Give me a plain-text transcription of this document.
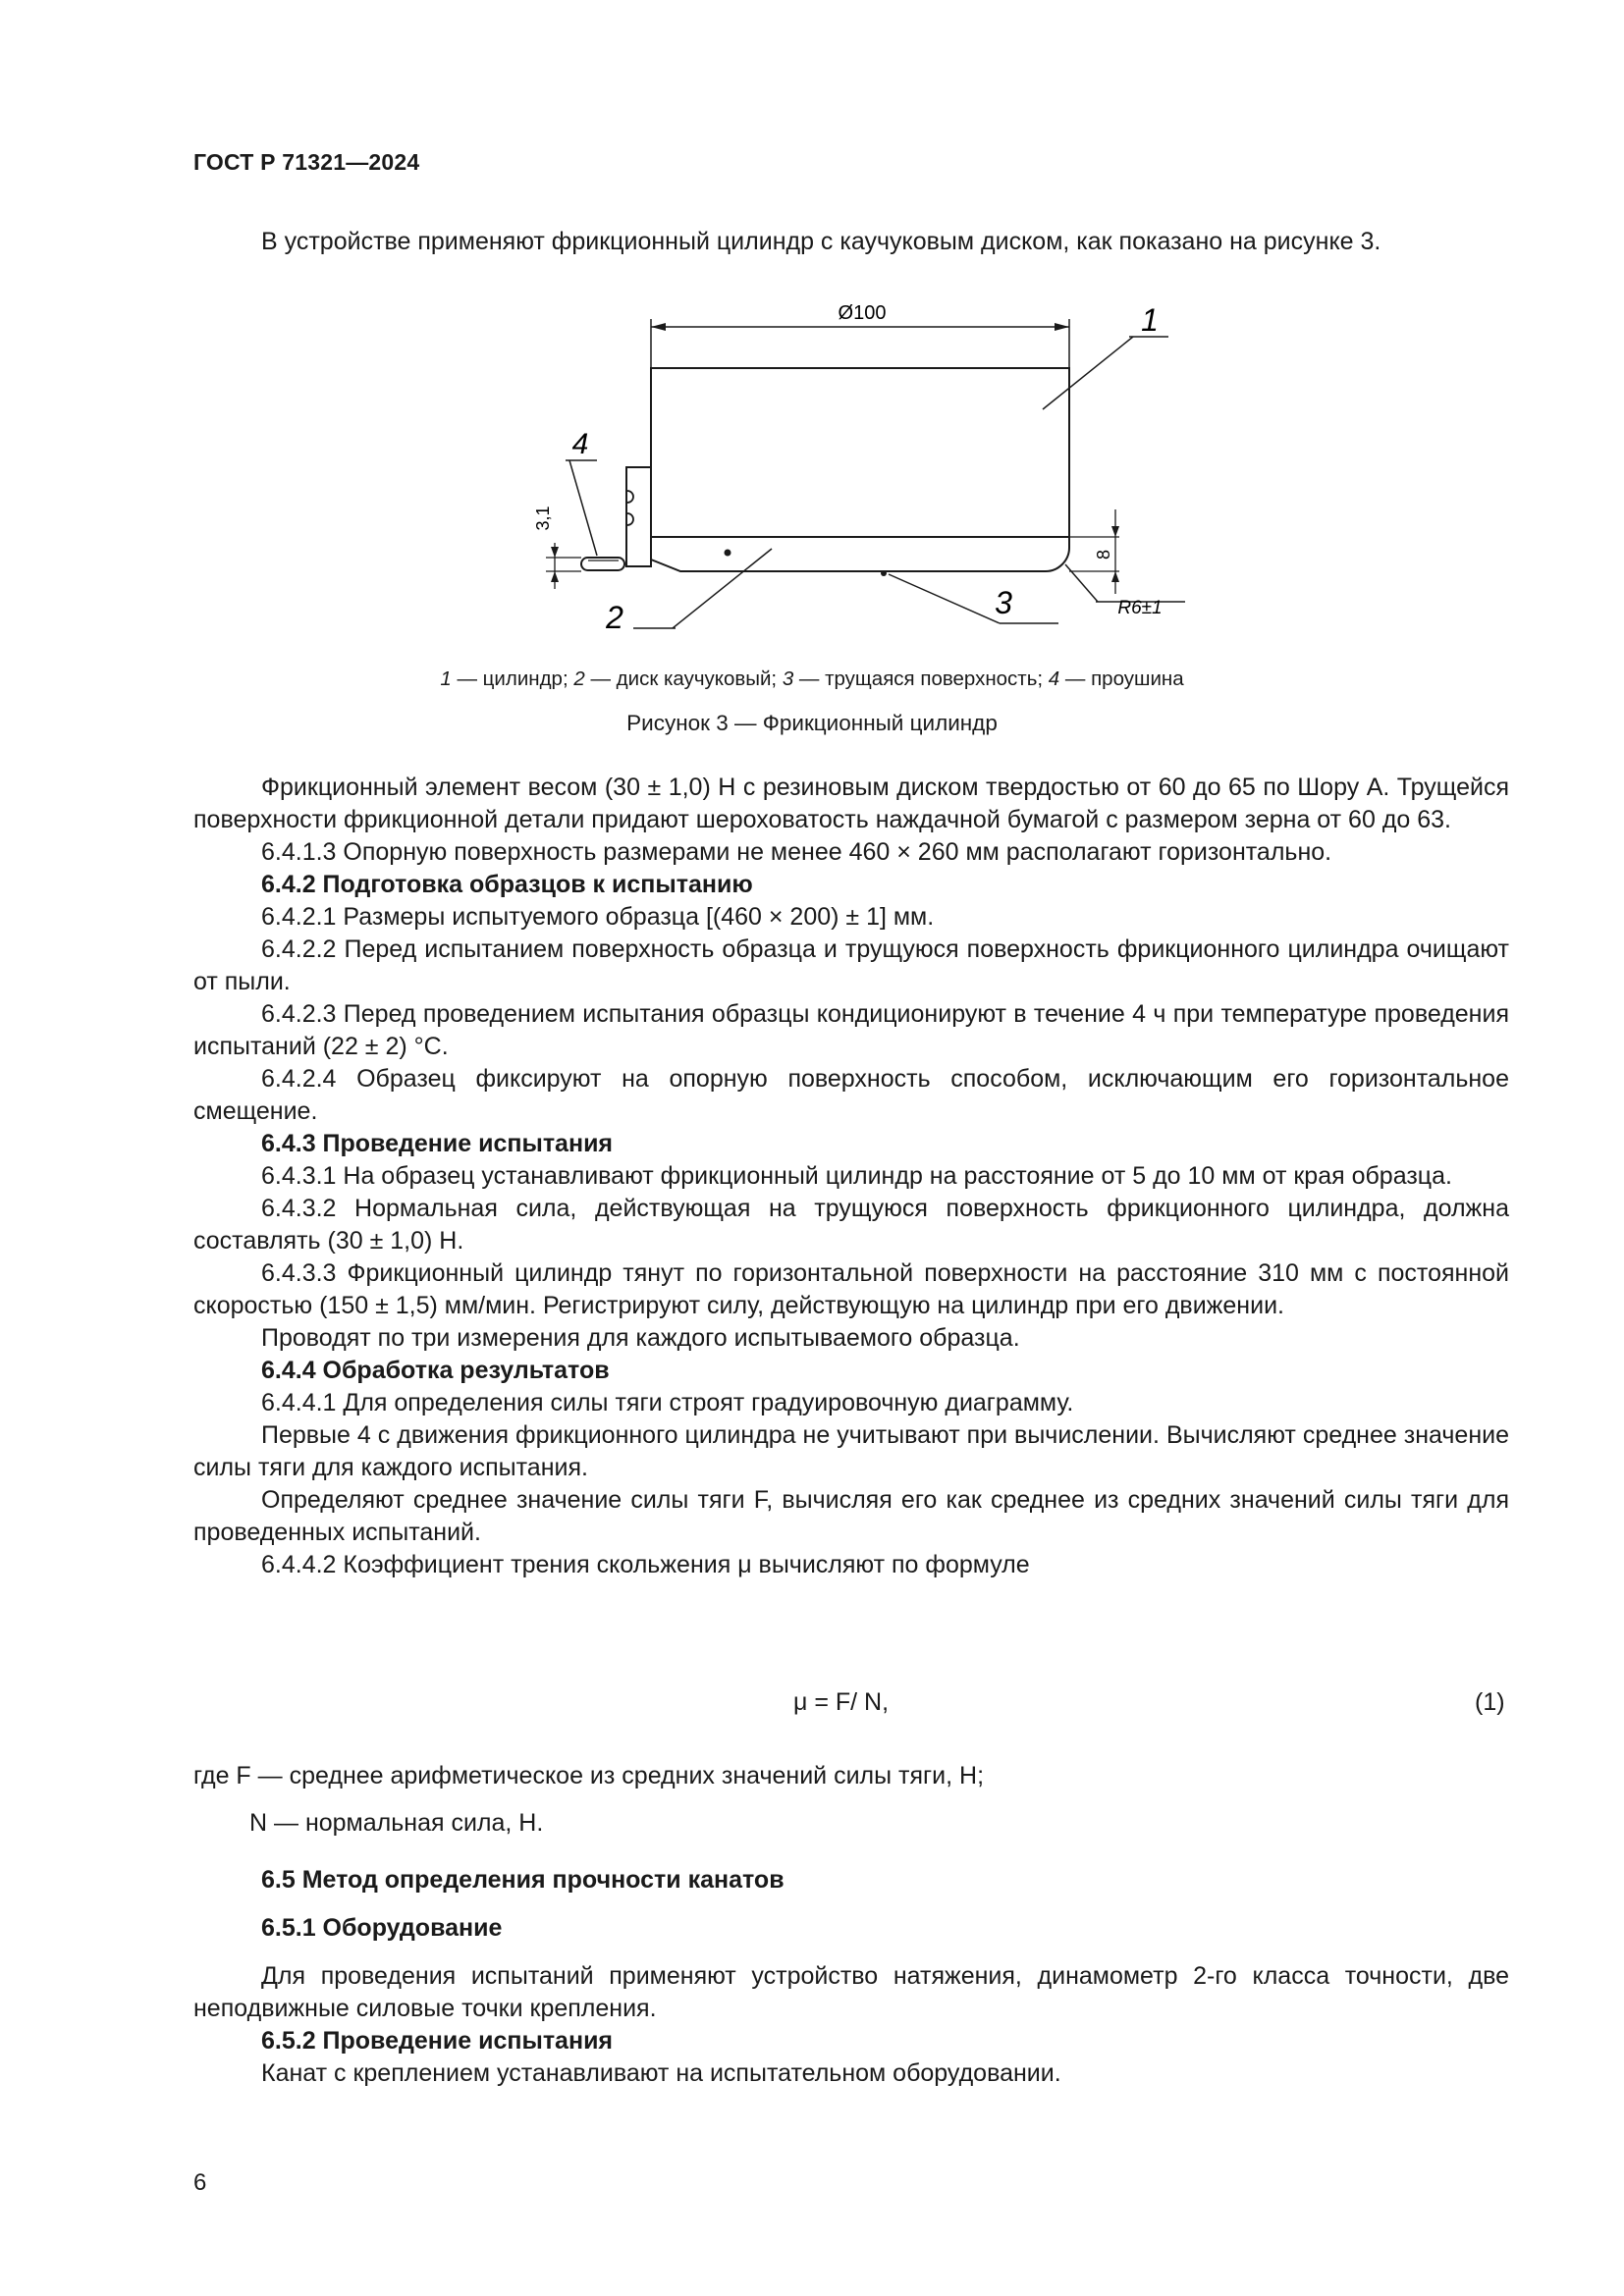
ГОСТ Р 71321—2024
В устройстве применяют фрикционный цилиндр с каучуковым диском, как показано на рисунке 3.
Ø100
8
3,1
R6±1
1
4
2	3
1 — цилиндр; 2 — диск каучуковый; 3 — трущаяся поверхность; 4 — проушина
Рисунок 3 — Фрикционный цилиндр

Фрикционный элемент весом (30 ± 1,0) Н с резиновым диском твердостью от 60 до 65 по Шору А. Трущейся поверхности фрикционной детали придают шероховатость наждачной бумагой с размером зерна от 60 до 63.

6.4.1.3 Опорную поверхность размерами не менее 460 × 260 мм располагают горизонтально.

6.4.2 Подготовка образцов к испытанию

6.4.2.1 Размеры испытуемого образца [(460 × 200) ± 1] мм.

6.4.2.2 Перед испытанием поверхность образца и трущуюся поверхность фрикционного цилиндра очищают от пыли.

6.4.2.3 Перед проведением испытания образцы кондиционируют в течение 4 ч при температуре проведения испытаний (22 ± 2) °C.

6.4.2.4 Образец фиксируют на опорную поверхность способом, исключающим его горизонтальное смещение.

6.4.3 Проведение испытания

6.4.3.1 На образец устанавливают фрикционный цилиндр на расстояние от 5 до 10 мм от края образца.

6.4.3.2 Нормальная сила, действующая на трущуюся поверхность фрикционного цилиндра, должна составлять (30 ± 1,0) Н.

6.4.3.3 Фрикционный цилиндр тянут по горизонтальной поверхности на расстояние 310 мм с постоянной скоростью (150 ± 1,5) мм/мин. Регистрируют силу, действующую на цилиндр при его движении.

Проводят по три измерения для каждого испытываемого образца.

6.4.4 Обработка результатов

6.4.4.1 Для определения силы тяги строят градуировочную диаграмму.

Первые 4 с движения фрикционного цилиндра не учитывают при вычислении. Вычисляют среднее значение силы тяги для каждого испытания.

Определяют среднее значение силы тяги F, вычисляя его как среднее из средних значений силы тяги для проведенных испытаний.

6.4.4.2 Коэффициент трения скольжения μ вычисляют по формуле

μ = F/ N,	(1)
где F — среднее арифметическое из средних значений силы тяги, Н;
N — нормальная сила, Н.

6.5 Метод определения прочности канатов

6.5.1 Оборудование

Для проведения испытаний применяют устройство натяжения, динамометр 2-го класса точности, две неподвижные силовые точки крепления.

6.5.2 Проведение испытания

Канат с креплением устанавливают на испытательном оборудовании.

6
